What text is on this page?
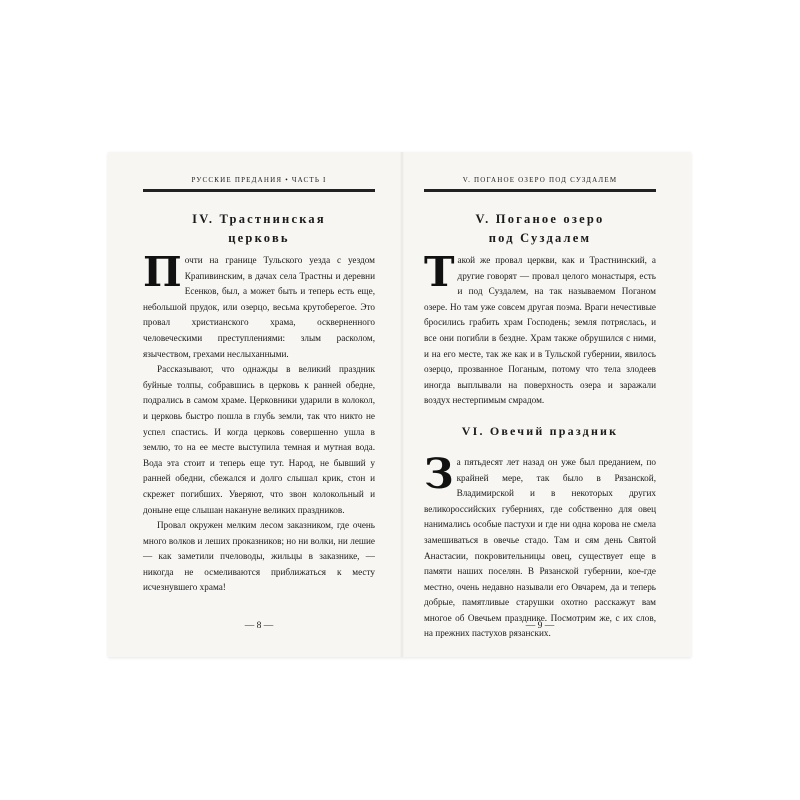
РУССКИЕ ПРЕДАНИЯ • ЧАСТЬ I
IV. Трастнинская
церковь

Почти на границе Тульского уезда с уездом Крапивинским, в дачах села Трастны и деревни Есенков, был, а может быть и теперь есть еще, небольшой прудок, или озерцо, весьма крутоберегое. Это провал христианского храма, оскверненного человеческими преступлениями: злым расколом, язычеством, грехами неслыханными.

Рассказывают, что однажды в великий праздник буйные толпы, собравшись в церковь к ранней обедне, подрались в самом храме. Церковники ударили в колокол, и церковь быстро пошла в глубь земли, так что никто не успел спастись. И когда церковь совершенно ушла в землю, то на ее месте выступила темная и мутная вода. Вода эта стоит и теперь еще тут. Народ, не бывший у ранней обедни, сбежался и долго слышал крик, стон и скрежет погибших. Уверяют, что звон колокольный и доныне еще слышан накануне великих праздников.

Провал окружен мелким лесом заказником, где очень много волков и леших проказников; но ни волки, ни лешие — как заметили пчеловоды, жильцы в заказнике, — никогда не осмеливаются приближаться к месту исчезнувшего храма!

— 8 —
V. ПОГАНОЕ ОЗЕРО ПОД СУЗДАЛЕМ
V. Поганое озеро
под Суздалем

Такой же провал церкви, как и Трастнинский, а другие говорят — провал целого монастыря, есть и под Суздалем, на так называемом Поганом озере. Но там уже совсем другая поэма. Враги нечестивые бросились грабить храм Господень; земля потряслась, и все они погибли в бездне. Храм также обрушился с ними, и на его месте, так же как и в Тульской губернии, явилось озерцо, прозванное Поганым, потому что тела злодеев иногда выплывали на поверхность озера и заражали воздух нестерпимым смрадом.

VI. Овечий праздник

За пятьдесят лет назад он уже был преданием, по крайней мере, так было в Рязанской, Владимирской и в некоторых других великороссийских губерниях, где собственно для овец нанимались особые пастухи и где ни одна корова не смела замешиваться в овечье стадо. Там и сям день Святой Анастасии, покровительницы овец, существует еще в памяти наших поселян. В Рязанской губернии, кое-где местно, очень недавно называли его Овчарем, да и теперь добрые, памятливые старушки охотно расскажут вам многое об Овечьем празднике. Посмотрим же, с их слов, на прежних пастухов рязанских.

— 9 —
